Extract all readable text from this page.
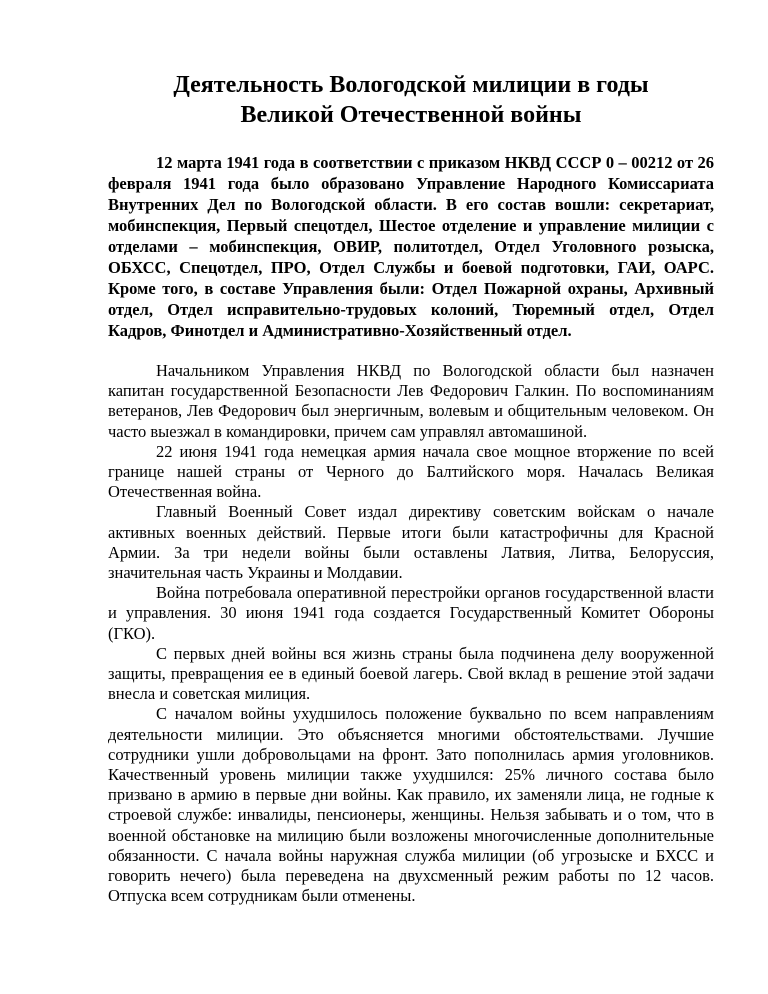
Деятельность Вологодской милиции в годы
Великой Отечественной войны

12 марта 1941 года в соответствии с приказом НКВД СССР 0 – 00212 от 26 февраля 1941 года было образовано Управление Народного Комиссариата Внутренних Дел по Вологодской области. В его состав вошли: секретариат, мобинспекция, Первый спецотдел, Шестое отделение и управление милиции с отделами – мобинспекция, ОВИР, политотдел, Отдел Уголовного розыска, ОБХСС, Спецотдел, ПРО, Отдел Службы и боевой подготовки, ГАИ, ОАРС. Кроме того, в составе Управления были: Отдел Пожарной охраны, Архивный отдел, Отдел исправительно-трудовых колоний, Тюремный отдел, Отдел Кадров, Финотдел и Административно-Хозяйственный отдел.

Начальником Управления НКВД по Вологодской области был назначен капитан государственной Безопасности Лев Федорович Галкин. По воспоминаниям ветеранов, Лев Федорович был энергичным, волевым и общительным человеком. Он часто выезжал в командировки, причем сам управлял автомашиной.

22 июня 1941 года немецкая армия начала свое мощное вторжение по всей границе нашей страны от Черного до Балтийского моря. Началась Великая Отечественная война.

Главный Военный Совет издал директиву советским войскам о начале активных военных действий. Первые итоги были катастрофичны для Красной Армии. За три недели войны были оставлены Латвия, Литва, Белоруссия, значительная часть Украины и Молдавии.

Война потребовала оперативной перестройки органов государственной власти и управления. 30 июня 1941 года создается Государственный Комитет Обороны (ГКО).

С первых дней войны вся жизнь страны была подчинена делу вооруженной защиты, превращения ее в единый боевой лагерь. Свой вклад в решение этой задачи внесла и советская милиция.

С началом войны ухудшилось положение буквально по всем направлениям деятельности милиции. Это объясняется многими обстоятельствами. Лучшие сотрудники ушли добровольцами на фронт. Зато пополнилась армия уголовников. Качественный уровень милиции также ухудшился: 25% личного состава было призвано в армию в первые дни войны. Как правило, их заменяли лица, не годные к строевой службе: инвалиды, пенсионеры, женщины. Нельзя забывать и о том, что в военной обстановке на милицию были возложены многочисленные дополнительные обязанности. С начала войны наружная служба милиции (об угрозыске и БХСС и говорить нечего) была переведена на двухсменный режим работы по 12 часов. Отпуска всем сотрудникам были отменены.
